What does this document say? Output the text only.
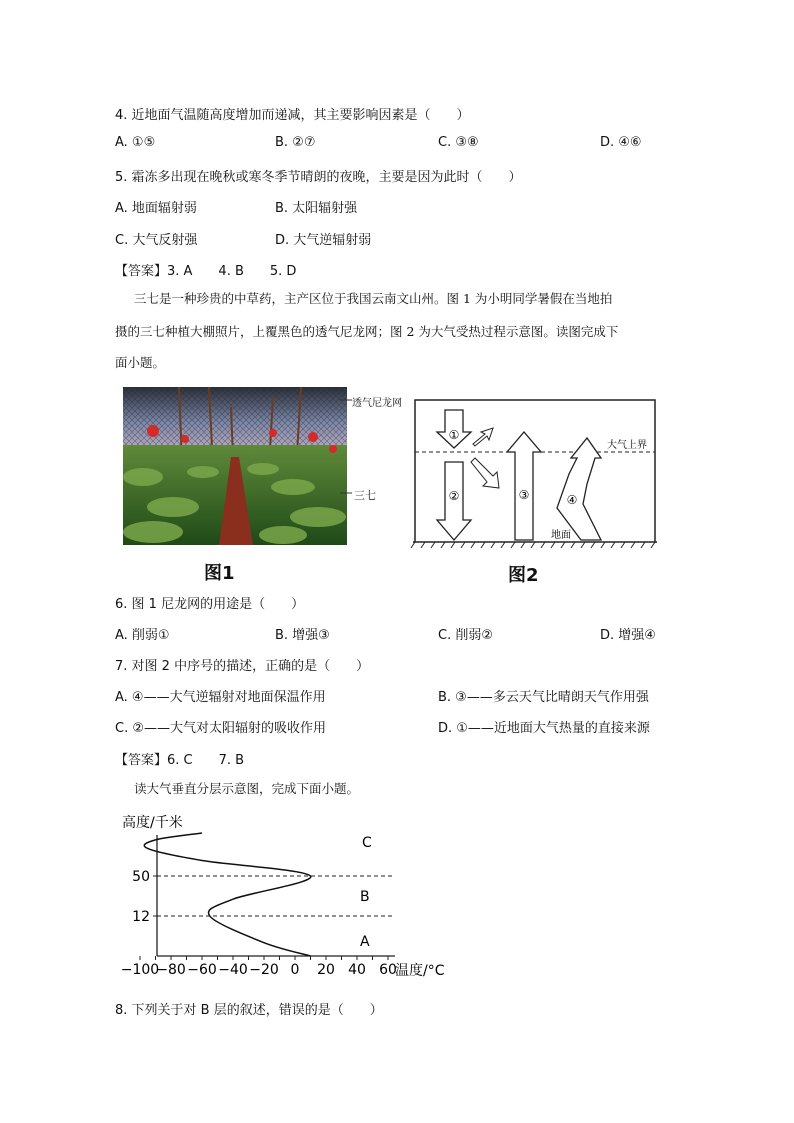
4. 近地面气温随高度增加而递减，其主要影响因素是（　　）
A. ①⑤	B. ②⑦	C. ③⑧	D. ④⑥
5. 霜冻多出现在晚秋或寒冬季节晴朗的夜晚，主要是因为此时（　　）
A. 地面辐射弱	B. 太阳辐射强
C. 大气反射强	D. 大气逆辐射弱
【答案】3. A　　4. B　　5. D
三七是一种珍贵的中草药，主产区位于我国云南文山州。图 1 为小明同学暑假在当地拍
摄的三七种植大棚照片，上覆黑色的透气尼龙网；图 2 为大气受热过程示意图。读图完成下
面小题。
透气尼龙网
三七
图1
①
②	③	④
大气上界
地面
图2
6. 图 1 尼龙网的用途是（　　）
A. 削弱①	B. 增强③	C. 削弱②	D. 增强④
7. 对图 2 中序号的描述，正确的是（　　）
A. ④——大气逆辐射对地面保温作用	B. ③——多云天气比晴朗天气作用强
C. ②——大气对太阳辐射的吸收作用	D. ①——近地面大气热量的直接来源
【答案】6. C　　7. B
读大气垂直分层示意图，完成下面小题。
高度/千米
12
50
−100
−80 −60 −40 −20 0 20 40 60
C
B
A
温度/°C
8. 下列关于对 B 层的叙述，错误的是（　　）
